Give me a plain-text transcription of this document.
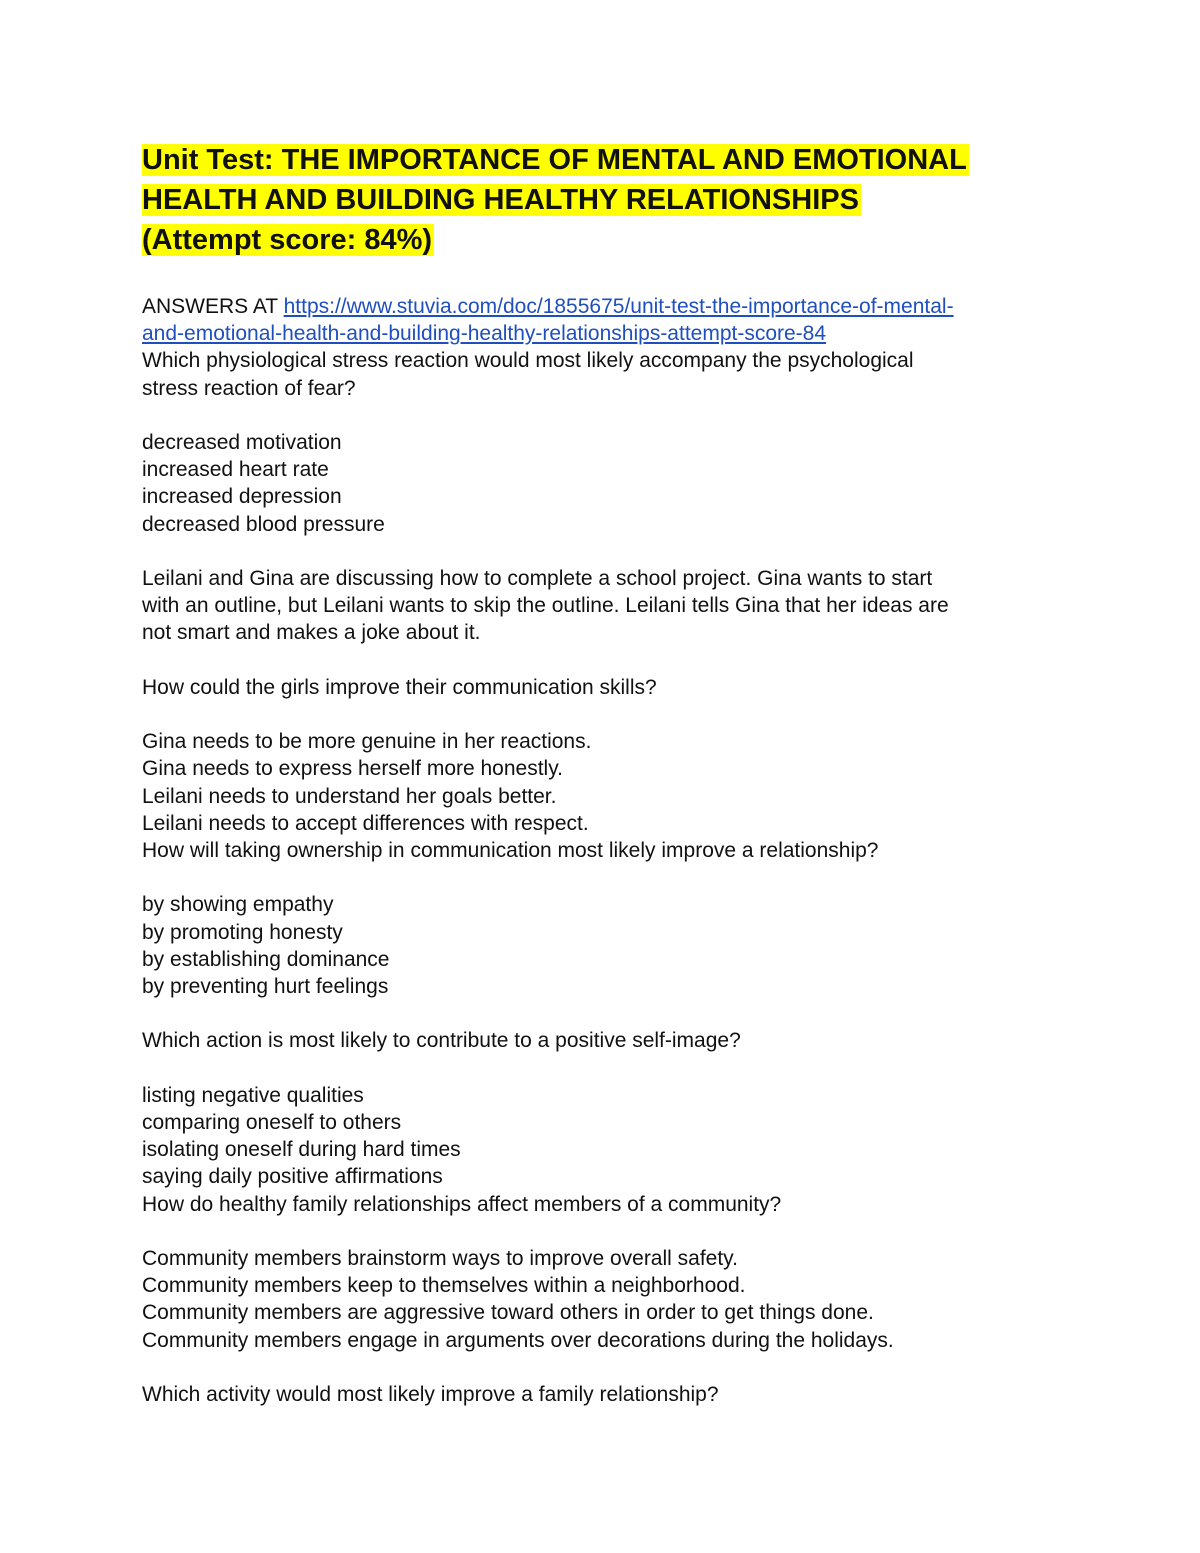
Unit Test: THE IMPORTANCE OF MENTAL AND EMOTIONAL
HEALTH AND BUILDING HEALTHY RELATIONSHIPS
(Attempt score: 84%)
ANSWERS AT https://www.stuvia.com/doc/1855675/unit-test-the-importance-of-mental-
and-emotional-health-and-building-healthy-relationships-attempt-score-84
Which physiological stress reaction would most likely accompany the psychological
stress reaction of fear?
decreased motivation
increased heart rate
increased depression
decreased blood pressure
Leilani and Gina are discussing how to complete a school project. Gina wants to start
with an outline, but Leilani wants to skip the outline. Leilani tells Gina that her ideas are
not smart and makes a joke about it.
How could the girls improve their communication skills?
Gina needs to be more genuine in her reactions.
Gina needs to express herself more honestly.
Leilani needs to understand her goals better.
Leilani needs to accept differences with respect.
How will taking ownership in communication most likely improve a relationship?
by showing empathy
by promoting honesty
by establishing dominance
by preventing hurt feelings
Which action is most likely to contribute to a positive self-image?
listing negative qualities
comparing oneself to others
isolating oneself during hard times
saying daily positive affirmations
How do healthy family relationships affect members of a community?
Community members brainstorm ways to improve overall safety.
Community members keep to themselves within a neighborhood.
Community members are aggressive toward others in order to get things done.
Community members engage in arguments over decorations during the holidays.
Which activity would most likely improve a family relationship?
